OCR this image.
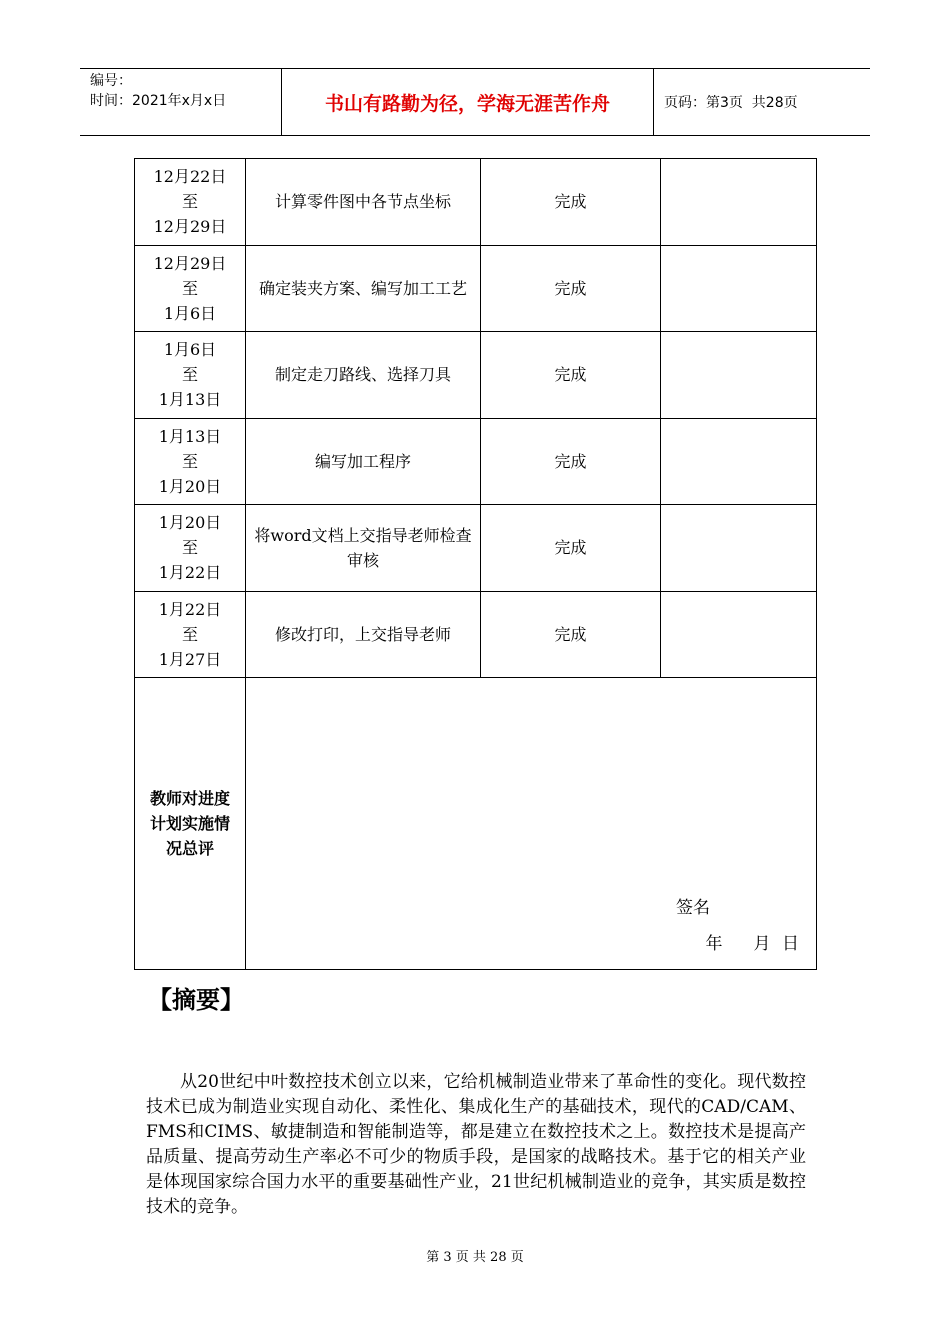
编号：
时间：2021年x月x日	书山有路勤为径，学海无涯苦作舟	页码：第3页  共28页
12月22日
至
12月29日	计算零件图中各节点坐标	完成	

12月29日
至
1月6日	确定装夹方案、编写加工工艺	完成	

1月6日
至
1月13日	制定走刀路线、选择刀具	完成	

1月13日
至
1月20日	编写加工程序	完成	

1月20日
至
1月22日	将word文档上交指导老师检查审核	完成	

1月22日
至
1月27日	修改打印，上交指导老师	完成	
教师对进度计划实施情况总评	签名
年 月 日		
【摘要】

从20世纪中叶数控技术创立以来，它给机械制造业带来了革命性的变化。现代数控技术已成为制造业实现自动化、柔性化、集成化生产的基础技术，现代的CAD/CAM、FMS和CIMS、敏捷制造和智能制造等，都是建立在数控技术之上。数控技术是提高产品质量、提高劳动生产率必不可少的物质手段，是国家的战略技术。基于它的相关产业是体现国家综合国力水平的重要基础性产业，21世纪机械制造业的竞争，其实质是数控技术的竞争。

第 3 页 共 28 页
